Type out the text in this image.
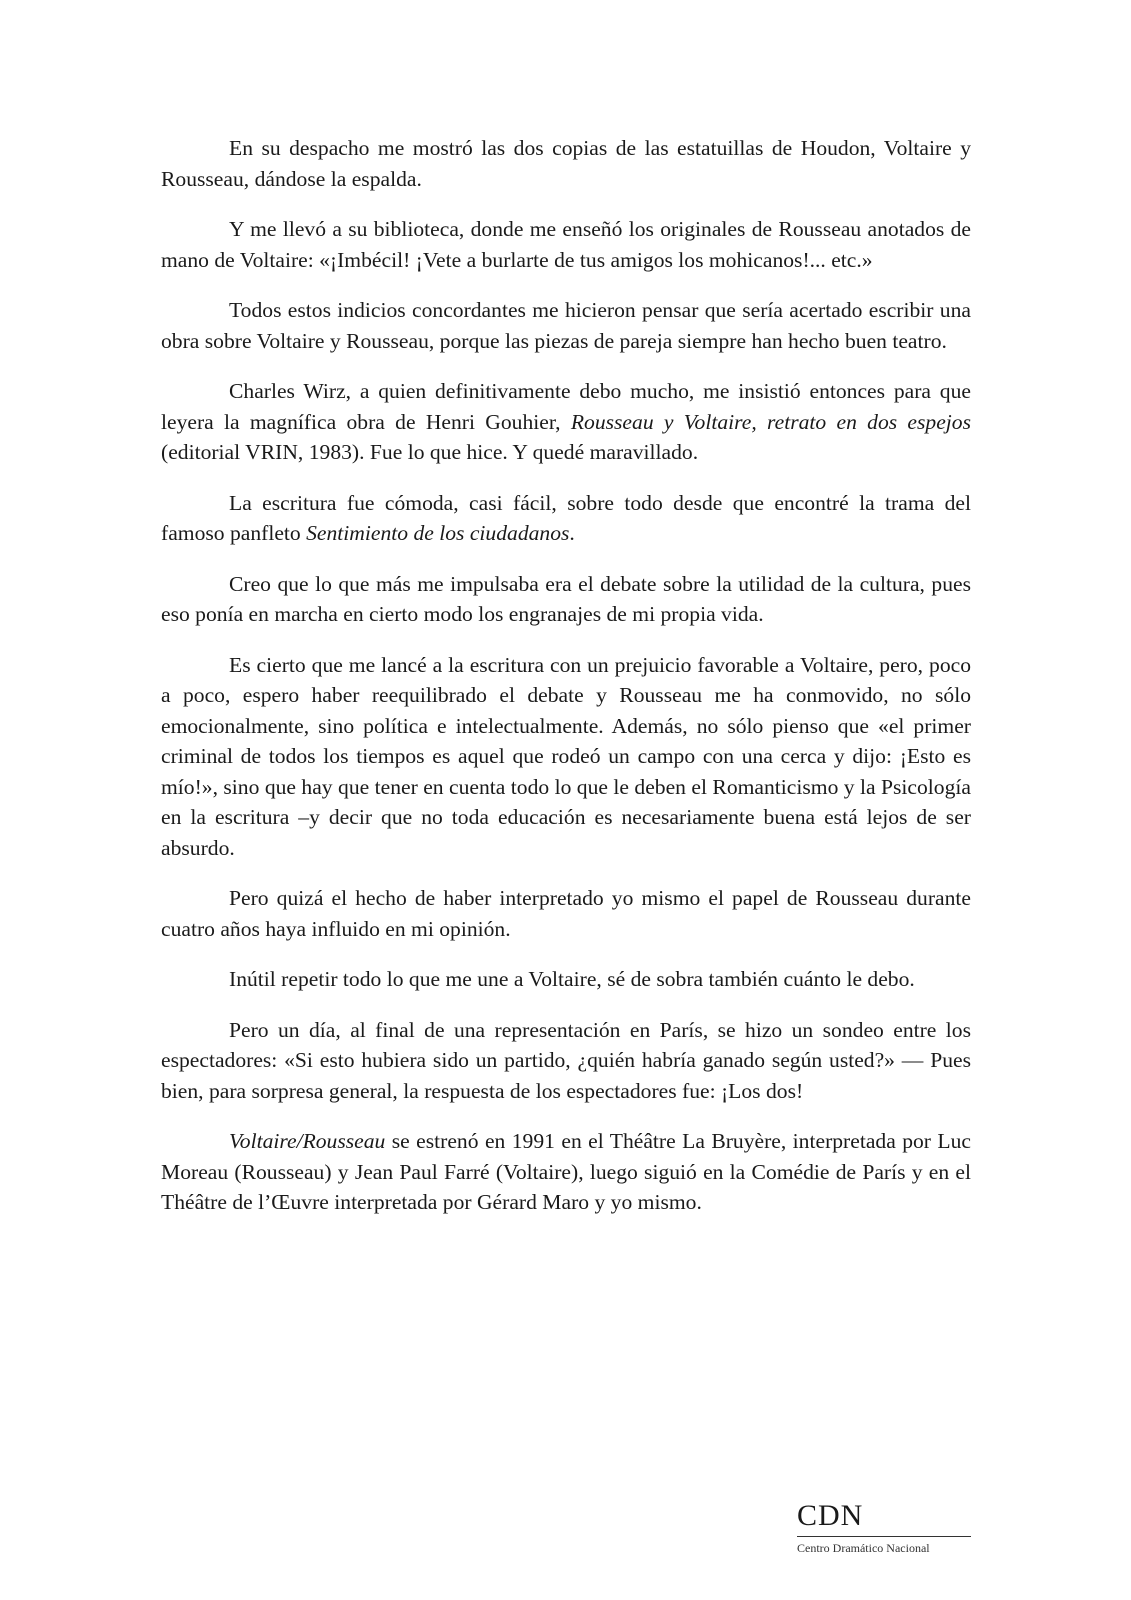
En su despacho me mostró las dos copias de las estatuillas de Houdon, Voltaire y Rousseau, dándose la espalda.

Y me llevó a su biblioteca, donde me enseñó los originales de Rousseau anotados de mano de Voltaire: «¡Imbécil! ¡Vete a burlarte de tus amigos los mohicanos!... etc.»

Todos estos indicios concordantes me hicieron pensar que sería acertado escribir una obra sobre Voltaire y Rousseau, porque las piezas de pareja siempre han hecho buen teatro.

Charles Wirz, a quien definitivamente debo mucho, me insistió entonces para que leyera la magnífica obra de Henri Gouhier, Rousseau y Voltaire, retrato en dos espejos (editorial VRIN, 1983). Fue lo que hice. Y quedé maravillado.

La escritura fue cómoda, casi fácil, sobre todo desde que encontré la trama del famoso panfleto Sentimiento de los ciudadanos.

Creo que lo que más me impulsaba era el debate sobre la utilidad de la cultura, pues eso ponía en marcha en cierto modo los engranajes de mi propia vida.

Es cierto que me lancé a la escritura con un prejuicio favorable a Voltaire, pero, poco a poco, espero haber reequilibrado el debate y Rousseau me ha conmovido, no sólo emocionalmente, sino política e intelectualmente. Además, no sólo pienso que «el primer criminal de todos los tiempos es aquel que rodeó un campo con una cerca y dijo: ¡Esto es mío!», sino que hay que tener en cuenta todo lo que le deben el Romanticismo y la Psicología en la escritura –y decir que no toda educación es necesariamente buena está lejos de ser absurdo.

Pero quizá el hecho de haber interpretado yo mismo el papel de Rousseau durante cuatro años haya influido en mi opinión.

Inútil repetir todo lo que me une a Voltaire, sé de sobra también cuánto le debo.

Pero un día, al final de una representación en París, se hizo un sondeo entre los espectadores: «Si esto hubiera sido un partido, ¿quién habría ganado según usted?» — Pues bien, para sorpresa general, la respuesta de los espectadores fue: ¡Los dos!

Voltaire/Rousseau se estrenó en 1991 en el Théâtre La Bruyère, interpretada por Luc Moreau (Rousseau) y Jean Paul Farré (Voltaire), luego siguió en la Comédie de París y en el Théâtre de l’Œuvre interpretada por Gérard Maro y yo mismo.

CDN
Centro Dramático Nacional
